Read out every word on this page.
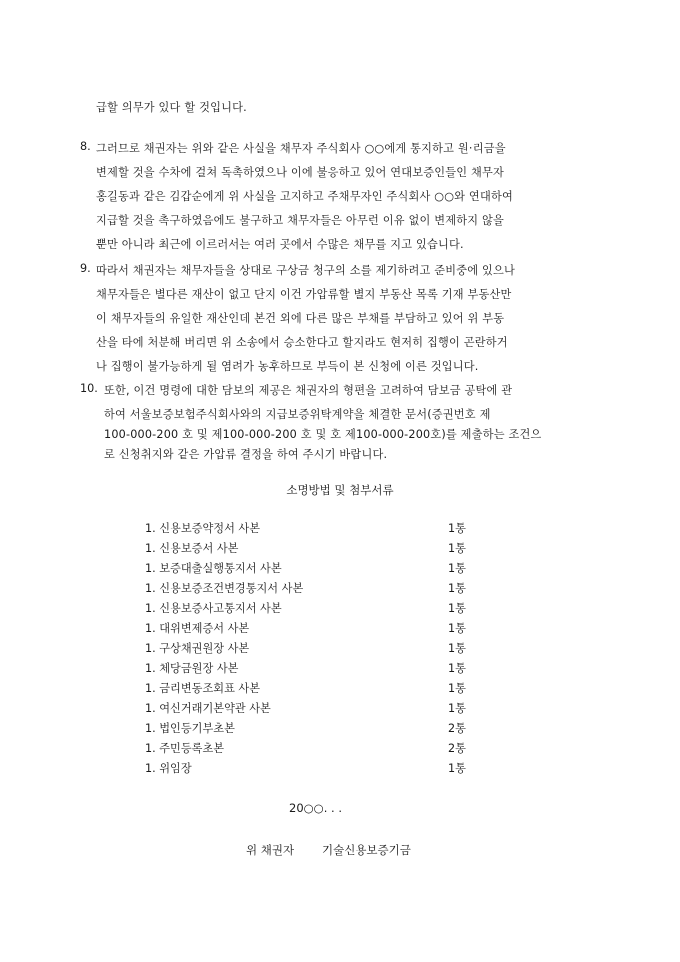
급할 의무가 있다 할 것입니다.
8. 그러므로 채권자는 위와 같은 사실을 채무자 주식회사 ○○에게 통지하고 원·리금을
변제할 것을 수차에 걸쳐 독촉하였으나 이에 불응하고 있어 연대보증인들인 채무자
홍길동과 같은 김갑순에게 위 사실을 고지하고 주채무자인 주식회사 ○○와 연대하여
지급할 것을 촉구하였음에도 불구하고 채무자들은 아무런 이유 없이 변제하지 않을
뿐만 아니라 최근에 이르러서는 여러 곳에서 수많은 채무를 지고 있습니다.
9. 따라서 채권자는 채무자들을 상대로 구상금 청구의 소를 제기하려고 준비중에 있으나
채무자들은 별다른 재산이 없고 단지 이건 가압류할 별지 부동산 목록 기재 부동산만
이 채무자들의 유일한 재산인데 본건 외에 다른 많은 부채를 부담하고 있어 위 부동
산을 타에 처분해 버리면 위 소송에서 승소한다고 할지라도 현저히 집행이 곤란하거
나 집행이 불가능하게 될 염려가 농후하므로 부득이 본 신청에 이른 것입니다.
10. 또한, 이건 명령에 대한 담보의 제공은 채권자의 형편을 고려하여 담보금 공탁에 관
하여 서울보증보험주식회사와의 지급보증위탁계약을 체결한 문서(증권번호 제
100-000-200 호 및 제100-000-200 호 및 호 제100-000-200호)를 제출하는 조건으
로 신청취지와 같은 가압류 결정을 하여 주시기 바랍니다.
소명방법 및 첨부서류
1. 신용보증약정서 사본	1통
1. 신용보증서 사본	1통
1. 보증대출실행통지서 사본	1통
1. 신용보증조건변경통지서 사본	1통
1. 신용보증사고통지서 사본	1통
1. 대위변제증서 사본	1통
1. 구상채권원장 사본	1통
1. 체당금원장 사본	1통
1. 금리변동조회표 사본	1통
1. 여신거래기본약관 사본	1통
1. 법인등기부초본	2통
1. 주민등록초본	2통
1. 위임장	1통
20○○. . .
위 채권자 기술신용보증기금
